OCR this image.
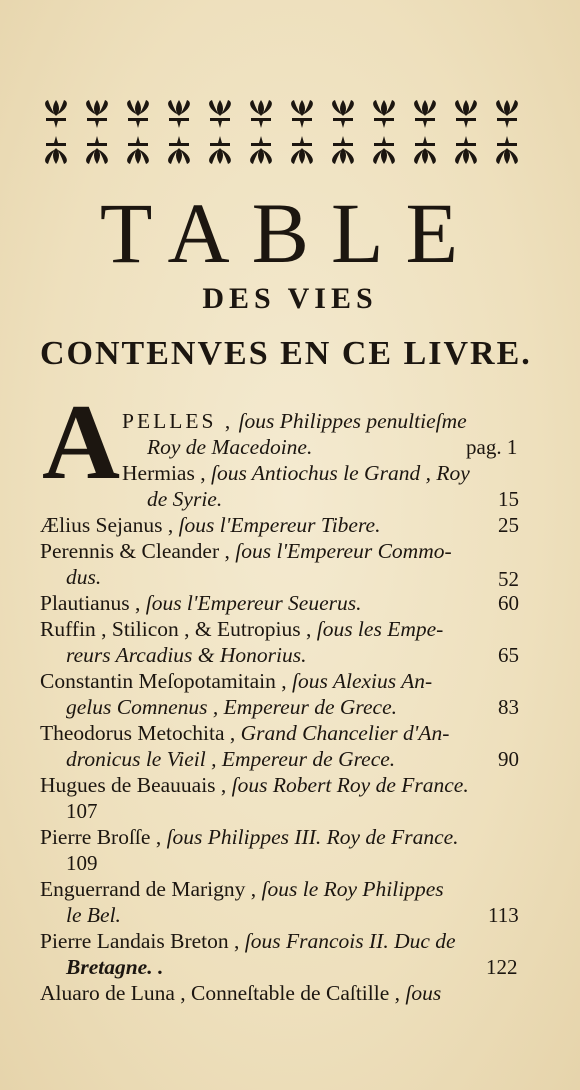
TABLE
DES VIES
CONTENVES EN CE LIVRE.
A PELLES , ſous Philippes penultieſme
Roy de Macedoine.	pag. 1
Hermias , ſous Antiochus le Grand , Roy
de Syrie.	15
Ælius Sejanus , ſous l'Empereur Tibere.	25
Perennis & Cleander , ſous l'Empereur Commo-
dus.	52
Plautianus , ſous l'Empereur Seuerus.	60
Ruffin , Stilicon , & Eutropius , ſous les Empe-
reurs Arcadius & Honorius.	65
Constantin Meſopotamitain , ſous Alexius An-
gelus Comnenus , Empereur de Grece.	83
Theodorus Metochita , Grand Chancelier d'An-
dronicus le Vieil , Empereur de Grece.	90
Hugues de Beauuais , ſous Robert Roy de France.
107
Pierre Broſſe , ſous Philippes III. Roy de France.
109
Enguerrand de Marigny , ſous le Roy Philippes
le Bel.	113
Pierre Landais Breton , ſous Francois II. Duc de
Bretagne. .	122
Aluaro de Luna , Conneſtable de Caſtille , ſous
